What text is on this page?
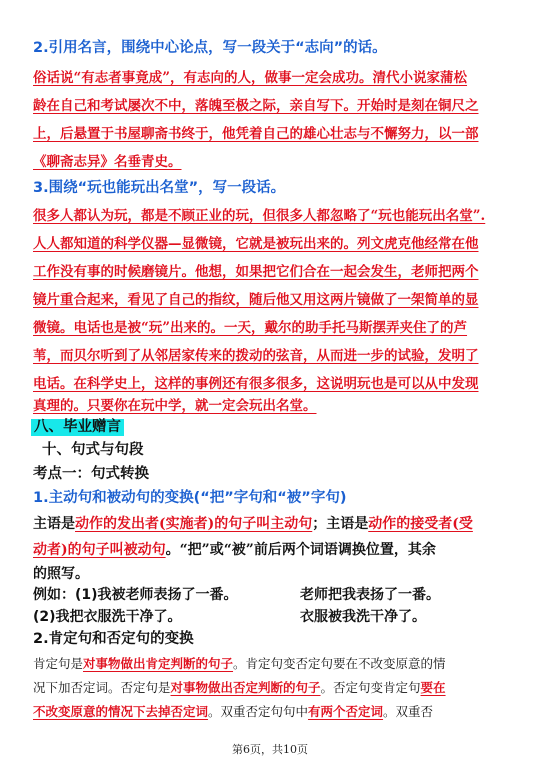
2.引用名言，围绕中心论点，写一段关于“志向”的话。
俗话说“有志者事竟成”，有志向的人，做事一定会成功。清代小说家蒲松
龄在自己和考试屡次不中，落魄至极之际，亲自写下。开始时是刻在铜尺之
上，后悬置于书屋聊斋书终于，他凭着自己的雄心壮志与不懈努力，以一部
《聊斋志异》名垂青史。
3.围绕“玩也能玩出名堂”，写一段话。
很多人都认为玩，都是不顾正业的玩，但很多人都忽略了“玩也能玩出名堂”.
人人都知道的科学仪器—显微镜，它就是被玩出来的。列文虎克他经常在他
工作没有事的时候磨镜片。他想，如果把它们合在一起会发生，老师把两个
镜片重合起来，看见了自己的指纹，随后他又用这两片镜做了一架简单的显
微镜。电话也是被“玩”出来的。一天，戴尔的助手托马斯摆弄夹住了的芦
苇，而贝尔听到了从邻居家传来的拨动的弦音，从而进一步的试验，发明了
电话。在科学史上，这样的事例还有很多很多，这说明玩也是可以从中发现
真理的。只要你在玩中学，就一定会玩出名堂。
八、毕业赠言
十、句式与句段
考点一：句式转换
1.主动句和被动句的变换(“把”字句和“被”字句)
主语是动作的发出者(实施者)的句子叫主动句；主语是动作的接受者(受
动者)的句子叫被动句。“把”或“被”前后两个词语调换位置，其余
的照写。
例如：(1)我被老师表扬了一番。	老师把我表扬了一番。
(2)我把衣服洗干净了。	衣服被我洗干净了。
2.肯定句和否定句的变换
肯定句是对事物做出肯定判断的句子。肯定句变否定句要在不改变原意的情
况下加否定词。否定句是对事物做出否定判断的句子。否定句变肯定句要在
不改变原意的情况下去掉否定词。双重否定句句中有两个否定词。双重否
第6页，共10页
